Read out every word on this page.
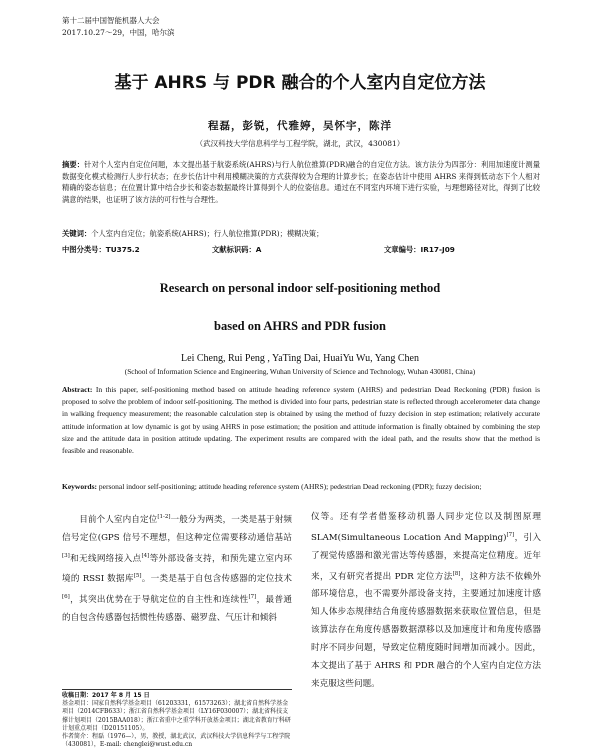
第十二届中国智能机器人大会
2017.10.27～29，中国，哈尔滨
基于 AHRS 与 PDR 融合的个人室内自定位方法
程磊，彭锐，代雅婷，吴怀宇，陈洋
（武汉科技大学信息科学与工程学院，湖北，武汉，430081）
摘要：针对个人室内自定位问题，本文提出基于航姿系统(AHRS)与行人航位推算(PDR)融合的自定位方法。该方法分为四部分：利用加速度计测量数据变化模式检测行人步行状态；在步长估计中利用模糊决策的方式获得较为合理的计算步长；在姿态估计中使用 AHRS 来得到低动态下个人相对精确的姿态信息；在位置计算中结合步长和姿态数据最终计算得到个人的位姿信息。通过在不同室内环境下进行实验，与理想路径对比，得到了比较满意的结果，也证明了该方法的可行性与合理性。
关键词：个人室内自定位；航姿系统(AHRS)；行人航位推算(PDR)；模糊决策；
中图分类号：TU375.2	文献标识码：A	文章编号：IR17-J09
Research on personal indoor self-positioning method
based on AHRS and PDR fusion
Lei Cheng, Rui Peng , YaTing Dai, HuaiYu Wu, Yang Chen
(School of Information Science and Engineering, Wuhan University of Science and Technology, Wuhan 430081, China)
Abstract: In this paper, self-positioning method based on attitude heading reference system (AHRS) and pedestrian Dead Reckoning (PDR) fusion is proposed to solve the problem of indoor self-positioning. The method is divided into four parts, pedestrian state is reflected through accelerometer data change in walking frequency measurement; the reasonable calculation step is obtained by using the method of fuzzy decision in step estimation; relatively accurate attitude information at low dynamic is got by using AHRS in pose estimation; the position and attitude information is finally obtained by combining the step size and the attitude data in position attitude updating. The experiment results are compared with the ideal path, and the results show that the method is feasible and reasonable.
Keywords: personal indoor self-positioning; attitude heading reference system (AHRS); pedestrian Dead reckoning (PDR); fuzzy decision;

目前个人室内自定位[1-2]一般分为两类，一类是基于射频信号定位(GPS 信号不理想，但这种定位需要移动通信基站[3]和无线网络接入点[4]等外部设备支持，和预先建立室内环境的 RSSI 数据库[5]。一类是基于自包含传感器的定位技术[6]，其突出优势在于导航定位的自主性和连续性[7]，最普通的自包含传感器包括惯性传感器、磁罗盘、气压计和倾斜

仪等。还有学者借鉴移动机器人同步定位以及制图原理 SLAM(Simultaneous Location And Mapping)[7]，引入了视觉传感器和激光雷达等传感器，来提高定位精度。近年来，又有研究者提出 PDR 定位方法[8]，这种方法不依赖外部环境信息，也不需要外部设备支持，主要通过加速度计感知人体步态规律结合角度传感器数据来获取位置信息，但是该算法存在角度传感器数据漂移以及加速度计和角度传感器时序不同步问题，导致定位精度随时间增加而减小。因此，本文提出了基于 AHRS 和 PDR 融合的个人室内自定位方法来克服这些问题。

收稿日期：2017 年 8 月 15 日

基金项目：国家自然科学基金项目（61203331，61573263）；湖北省自然科学基金项目（2014CFB633）；浙江省自然科学基金项目（LY16F030007）；湖北省科技支撑计划项目（2015BAA018）；浙江省重中之重学科开放基金项目；湖北省教育厅科研计划重点项目（D20151105）。

作者简介：程磊（1976—），男，教授，湖北武汉，武汉科技大学信息科学与工程学院（430081），E-mail: chenglei@wust.edu.cn
